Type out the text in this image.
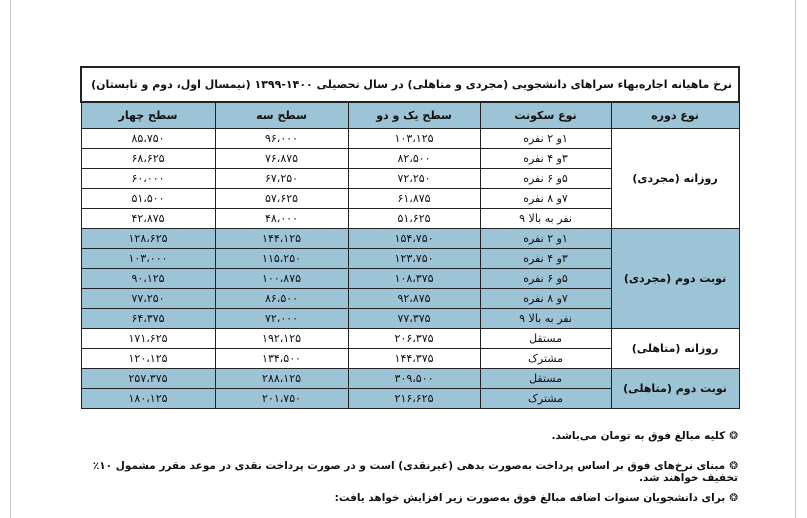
نرخ ماهیانه اجاره‌بهاء سراهای دانشجویی (مجردی و متاهلی) در سال تحصیلی ۱۴۰۰-۱۳۹۹ (نیمسال اول، دوم و تابستان)				
نوع دوره	نوع سکونت	سطح یک و دو	سطح سه	سطح چهار
روزانه (مجردی)	۱و ۲ نفره	۱۰۳،۱۲۵	۹۶،۰۰۰	۸۵،۷۵۰
	۳و ۴ نفره	۸۲،۵۰۰	۷۶،۸۷۵	۶۸،۶۲۵
	۵و ۶ نفره	۷۲،۲۵۰	۶۷،۲۵۰	۶۰،۰۰۰
	۷و ۸ نفره	۶۱،۸۷۵	۵۷،۶۲۵	۵۱،۵۰۰
	نفر به بالا ۹	۵۱،۶۲۵	۴۸،۰۰۰	۴۲،۸۷۵
نوبت دوم (مجردی)	۱و ۲ نفره	۱۵۴،۷۵۰	۱۴۴،۱۲۵	۱۲۸،۶۲۵
	۳و ۴ نفره	۱۲۳،۷۵۰	۱۱۵،۲۵۰	۱۰۳،۰۰۰
	۵و ۶ نفره	۱۰۸،۳۷۵	۱۰۰،۸۷۵	۹۰،۱۲۵
	۷و ۸ نفره	۹۲،۸۷۵	۸۶،۵۰۰	۷۷،۲۵۰
	نفر به بالا ۹	۷۷،۳۷۵	۷۲،۰۰۰	۶۴،۳۷۵
روزانه (متاهلی)	مستقل	۲۰۶،۳۷۵	۱۹۲،۱۲۵	۱۷۱،۶۲۵
	مشترک	۱۴۴،۳۷۵	۱۳۴،۵۰۰	۱۲۰،۱۲۵
نوبت دوم (متاهلی)	مستقل	۳۰۹،۵۰۰	۲۸۸،۱۲۵	۲۵۷،۳۷۵
	مشترک	۲۱۶،۶۲۵	۲۰۱،۷۵۰	۱۸۰،۱۲۵
❂کلیه مبالغ فوق به تومان می‌باشد.
❂مبنای نرخ‌های فوق بر اساس پرداخت به‌صورت بدهی (غیرنقدی) است و در صورت پرداخت نقدی در موعد مقرر مشمول ۱۰٪ تخفیف خواهند شد.
❂برای دانشجویان سنوات اضافه مبالغ فوق به‌صورت زیر افزایش خواهد یافت:
